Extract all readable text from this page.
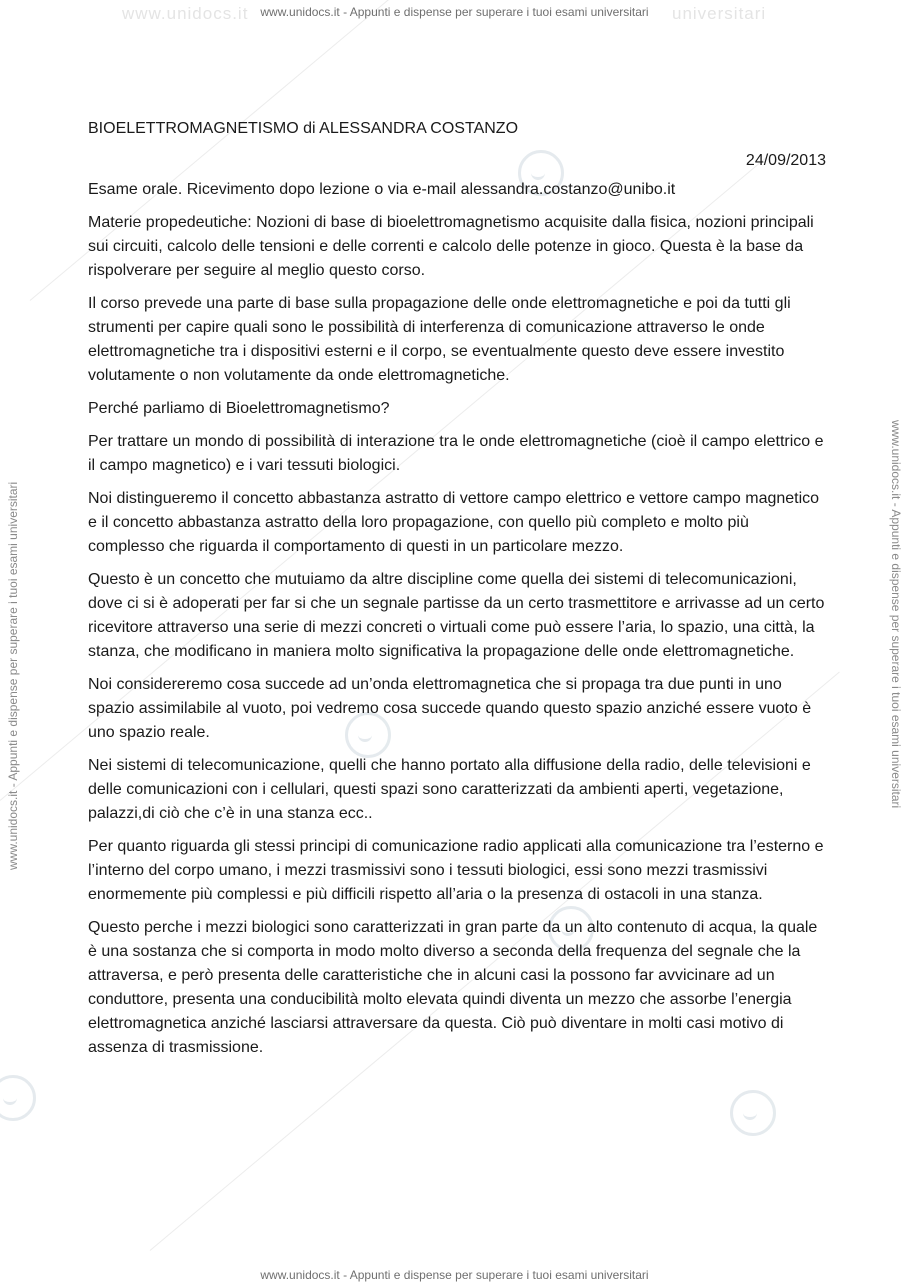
www.unidocs.it	universitari
www.unidocs.it - Appunti e dispense per superare i tuoi esami universitari
www.unidocs.it - Appunti e dispense per superare i tuoi esami universitari	www.unidocs.it - Appunti e dispense per superare i tuoi esami universitari

BIOELETTROMAGNETISMO di ALESSANDRA COSTANZO

24/09/2013

Esame orale. Ricevimento dopo lezione o via e-mail alessandra.costanzo@unibo.it

Materie propedeutiche: Nozioni di base di bioelettromagnetismo acquisite dalla fisica, nozioni principali sui circuiti, calcolo delle tensioni e delle correnti e calcolo delle potenze in gioco. Questa è la base da rispolverare per seguire al meglio questo corso.

Il corso prevede una parte di base sulla propagazione delle onde elettromagnetiche e poi da tutti gli strumenti per capire quali sono le possibilità di interferenza di comunicazione attraverso le onde elettromagnetiche tra i dispositivi esterni e il corpo, se eventualmente questo deve essere investito volutamente o non volutamente da onde elettromagnetiche.

Perché parliamo di Bioelettromagnetismo?

Per trattare un mondo di possibilità di interazione tra le onde elettromagnetiche (cioè il campo elettrico e il campo magnetico) e i vari tessuti biologici.

Noi distingueremo il concetto abbastanza astratto di vettore campo elettrico e vettore campo magnetico e il concetto abbastanza astratto della loro propagazione, con quello più completo e molto più complesso che riguarda il comportamento di questi in un particolare mezzo.

Questo è un concetto che mutuiamo da altre discipline come quella dei sistemi di telecomunicazioni, dove ci si è adoperati per far si che un segnale partisse da un certo trasmettitore e arrivasse ad un certo ricevitore attraverso una serie di mezzi concreti o virtuali come può essere l’aria, lo spazio, una città, la stanza, che modificano in maniera molto significativa la propagazione delle onde elettromagnetiche.

Noi considereremo cosa succede ad un’onda elettromagnetica che si propaga tra due punti in uno spazio assimilabile al vuoto, poi vedremo cosa succede quando questo spazio anziché essere vuoto è uno spazio reale.

Nei sistemi di telecomunicazione, quelli che hanno portato alla diffusione della radio, delle televisioni e delle comunicazioni con i cellulari, questi spazi sono caratterizzati da ambienti aperti, vegetazione, palazzi,di ciò che c’è in una stanza ecc..

Per quanto riguarda gli stessi principi di comunicazione radio applicati alla comunicazione tra l’esterno e l’interno del corpo umano, i mezzi trasmissivi sono i tessuti biologici, essi sono mezzi trasmissivi enormemente più complessi e più difficili rispetto all’aria o la presenza di ostacoli in una stanza.

Questo perche i mezzi biologici sono caratterizzati in gran parte da un alto contenuto di acqua, la quale è una sostanza che si comporta in modo molto diverso a seconda della frequenza del segnale che la attraversa, e però presenta delle caratteristiche che in alcuni casi la possono far avvicinare ad un conduttore, presenta una conducibilità molto elevata quindi diventa un mezzo che assorbe l’energia elettromagnetica anziché lasciarsi attraversare da questa. Ciò può diventare in molti casi motivo di assenza di trasmissione.

www.unidocs.it - Appunti e dispense per superare i tuoi esami universitari
